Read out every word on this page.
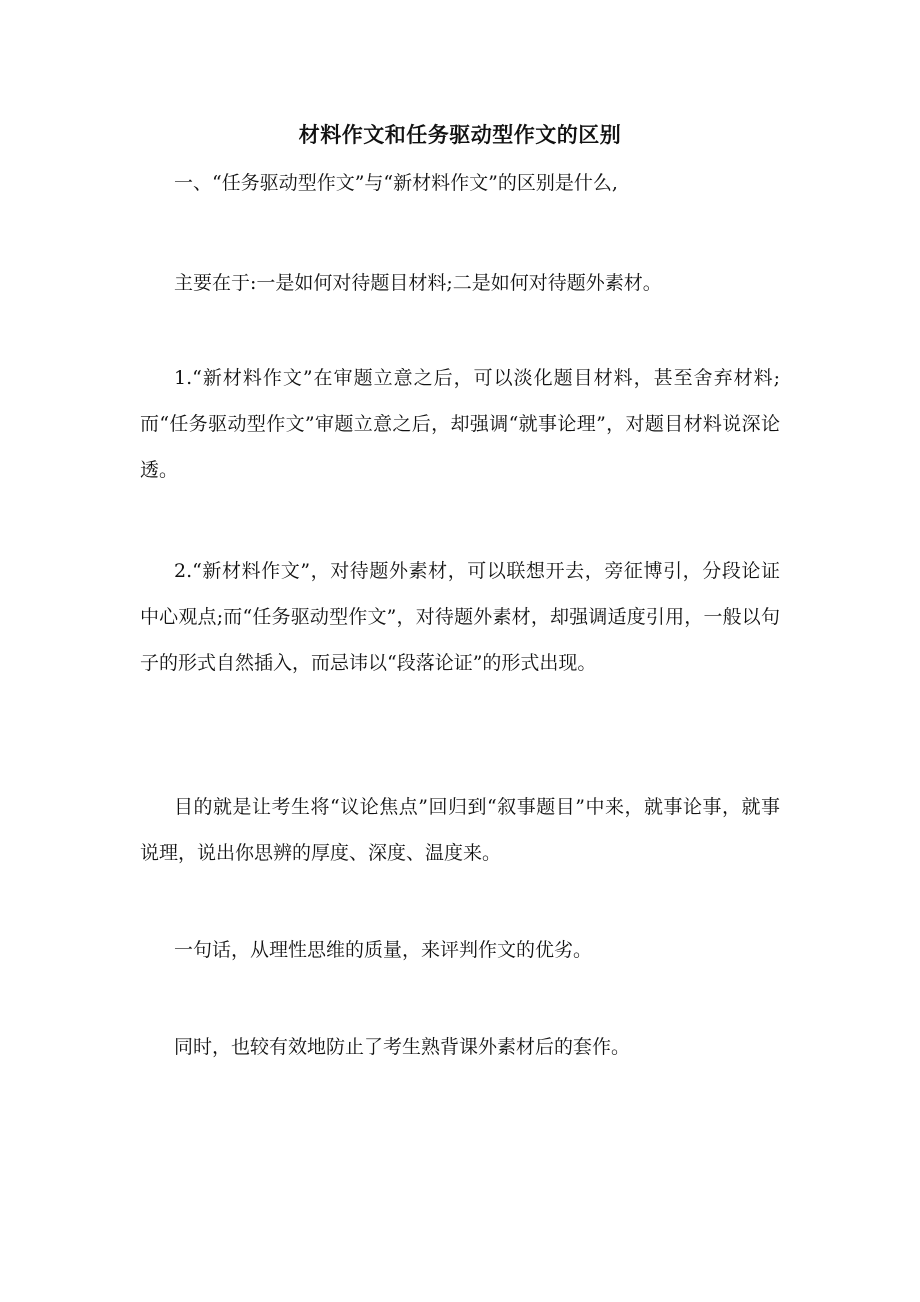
材料作文和任务驱动型作文的区别

一、“任务驱动型作文”与“新材料作文”的区别是什么,

主要在于:一是如何对待题目材料;二是如何对待题外素材。

1.“新材料作文”在审题立意之后，可以淡化题目材料，甚至舍弃材料;而“任务驱动型作文”审题立意之后，却强调“就事论理”，对题目材料说深论透。

2.“新材料作文”，对待题外素材，可以联想开去，旁征博引，分段论证中心观点;而“任务驱动型作文”，对待题外素材，却强调适度引用，一般以句子的形式自然插入，而忌讳以“段落论证”的形式出现。

目的就是让考生将“议论焦点”回归到“叙事题目”中来，就事论事，就事说理，说出你思辨的厚度、深度、温度来。

一句话，从理性思维的质量，来评判作文的优劣。

同时，也较有效地防止了考生熟背课外素材后的套作。
